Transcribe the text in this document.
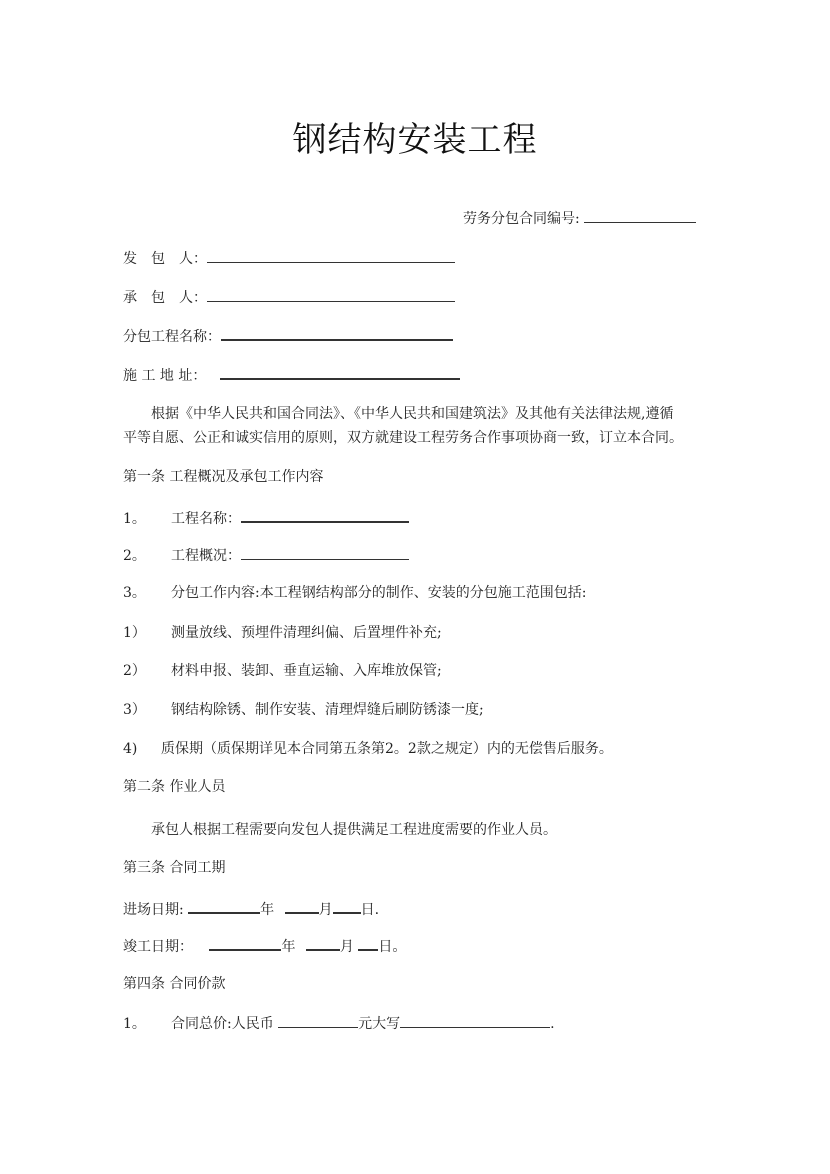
钢结构安装工程
劳务分包合同编号:
发　包　人：
承　包　人：
分包工程名称：
施 工 地 址：
根据《中华人民共和国合同法》、《中华人民共和国建筑法》及其他有关法律法规,遵循
平等自愿、公正和诚实信用的原则，双方就建设工程劳务合作事项协商一致，订立本合同。
第一条 工程概况及承包工作内容
1。 工程名称：
2。 工程概况：
3。 分包工作内容:本工程钢结构部分的制作、安装的分包施工范围包括:
1） 测量放线、预埋件清理纠偏、后置埋件补充;
2） 材料申报、装卸、垂直运输、入库堆放保管;
3） 钢结构除锈、制作安装、清理焊缝后刷防锈漆一度;
4) 质保期（质保期详见本合同第五条第2。2款之规定）内的无偿售后服务。
第二条 作业人员
承包人根据工程需要向发包人提供满足工程进度需要的作业人员。
第三条 合同工期
进场日期:	年	月 日.
竣工日期：	年	月 日。
第四条 合同价款
1。 合同总价:人民币	元大写	.
